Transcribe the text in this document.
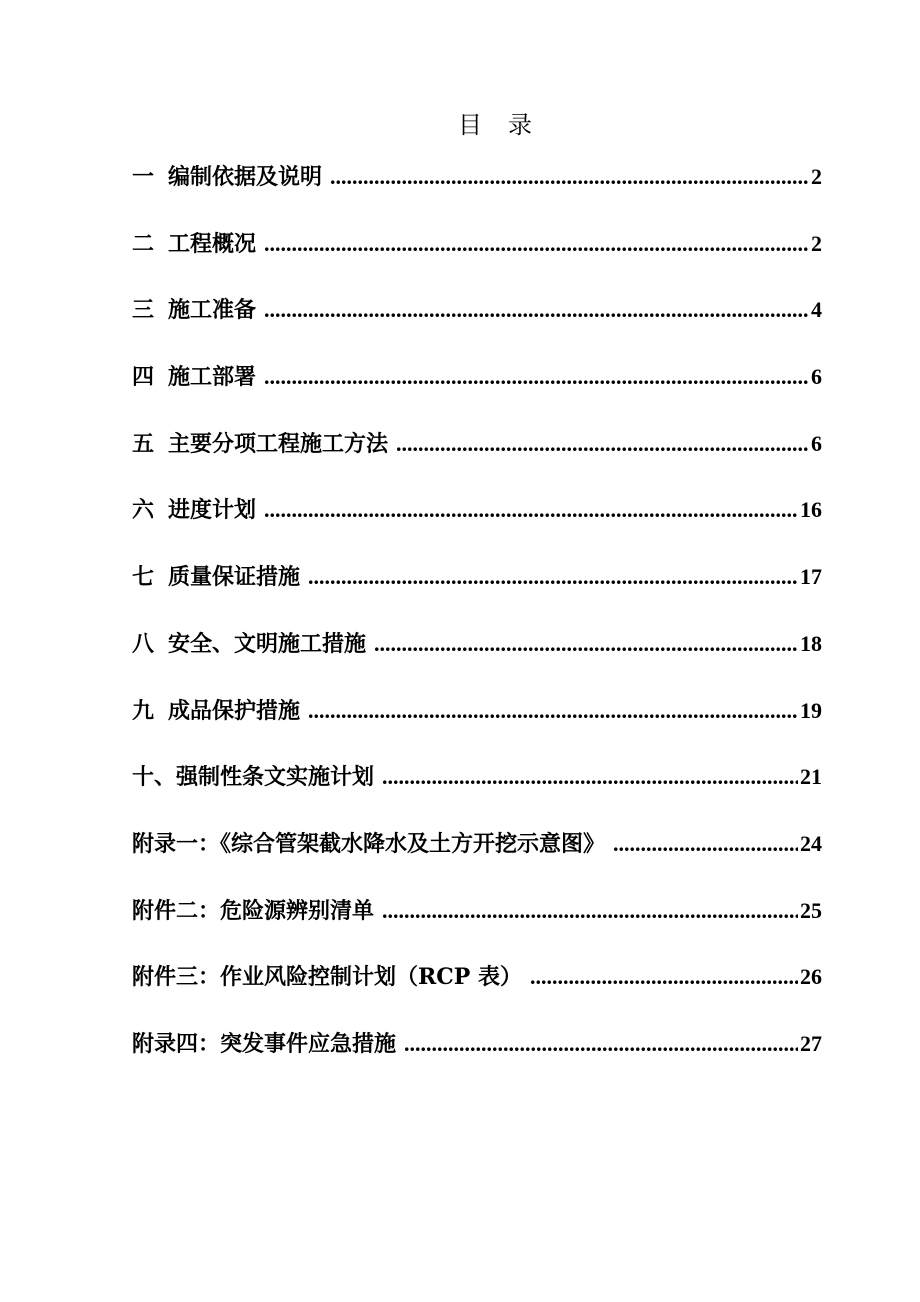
目 录
一 编制依据及说明 .....	2
二 工程概况 .....	2
三 施工准备 .....	4
四 施工部署 .....	6
五 主要分项工程施工方法 .....	6
六 进度计划 .....	16
七 质量保证措施 .....	17
八 安全、文明施工措施 .....	18
九 成品保护措施 .....	19
十、强制性条文实施计划 .....	21
附录一：《综合管架截水降水及土方开挖示意图》 .....	24
附件二：危险源辨别清单 .....	25
附件三：作业风险控制计划（RCP 表） .....	26
附录四：突发事件应急措施 .....	27
